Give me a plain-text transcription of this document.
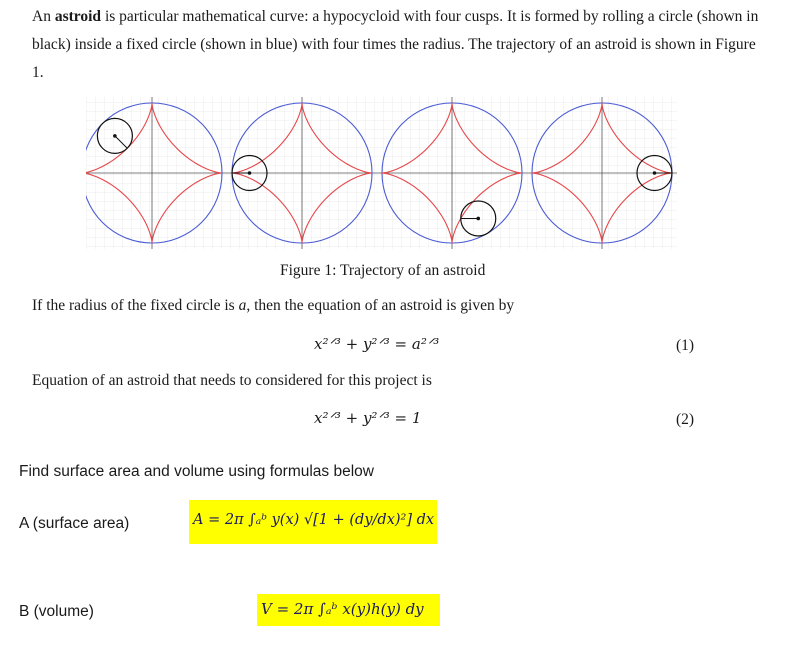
An astroid is particular mathematical curve: a hypocycloid with four cusps. It is formed by rolling a circle (shown in black) inside a fixed circle (shown in blue) with four times the radius. The trajectory of an astroid is shown in Figure 1.
Figure 1: Trajectory of an astroid
If the radius of the fixed circle is a, then the equation of an astroid is given by
x²ᐟ³ + y²ᐟ³ = a²ᐟ³	(1)
Equation of an astroid that needs to considered for this project is
x²ᐟ³ + y²ᐟ³ = 1	(2)
Find surface area and volume using formulas below
A (surface area)	A = 2π ∫ₐᵇ y(x) √[1 + (dy/dx)²] dx
B (volume)	V = 2π ∫ₐᵇ x(y)h(y) dy
